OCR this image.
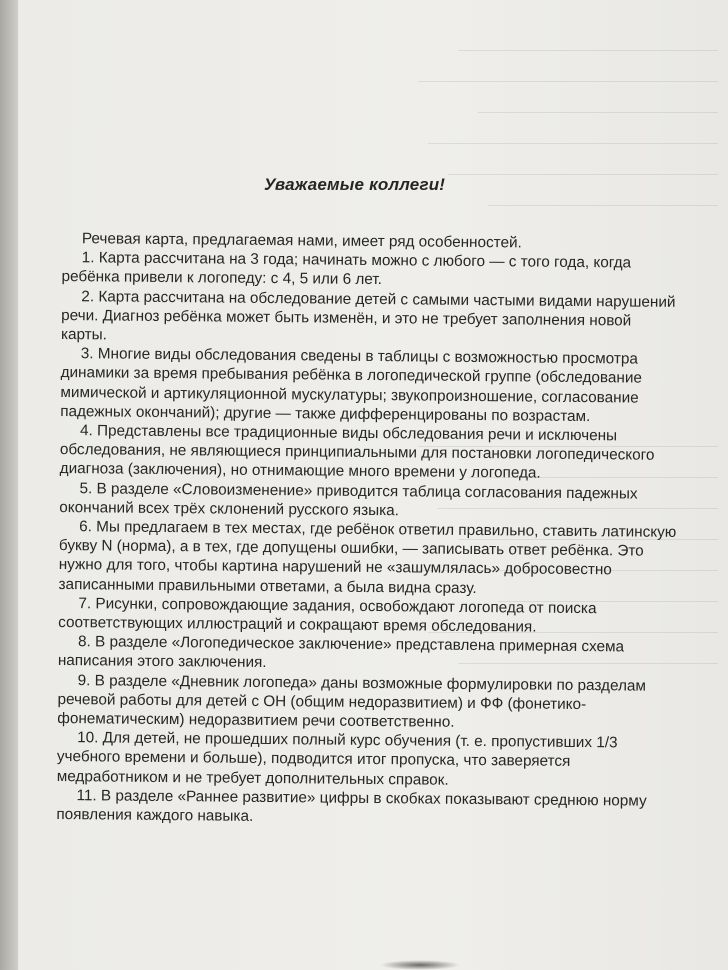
Уважаемые коллеги!

Речевая карта, предлагаемая нами, имеет ряд особенностей.

1. Карта рассчитана на 3 года; начинать можно с любого — с того года, когда ребёнка привели к логопеду: с 4, 5 или 6 лет.

2. Карта рассчитана на обследование детей с самыми частыми видами нарушений речи. Диагноз ребёнка может быть изменён, и это не требует заполнения новой карты.

3. Многие виды обследования сведены в таблицы с возможностью просмотра динамики за время пребывания ребёнка в логопедической группе (обследование мимической и артикуляционной мускулатуры; звукопроизношение, согласование падежных окончаний); другие — также дифференцированы по возрастам.

4. Представлены все традиционные виды обследования речи и исключены обследования, не являющиеся принципиальными для постановки логопедического диагноза (заключения), но отнимающие много времени у логопеда.

5. В разделе «Словоизменение» приводится таблица согласования падежных окончаний всех трёх склонений русского языка.

6. Мы предлагаем в тех местах, где ребёнок ответил правильно, ставить латинскую букву N (норма), а в тех, где допущены ошибки, — записывать ответ ребёнка. Это нужно для того, чтобы картина нарушений не «зашумлялась» добросовестно записанными правильными ответами, а была видна сразу.

7. Рисунки, сопровождающие задания, освобождают логопеда от поиска соответствующих иллюстраций и сокращают время обследования.

8. В разделе «Логопедическое заключение» представлена примерная схема написания этого заключения.

9. В разделе «Дневник логопеда» даны возможные формулировки по разделам речевой работы для детей с ОН (общим недоразвитием) и ФФ (фонетико-фонематическим) недоразвитием речи соответственно.

10. Для детей, не прошедших полный курс обучения (т. е. пропустивших 1/3 учебного времени и больше), подводится итог пропуска, что заверяется медработником и не требует дополнительных справок.

11. В разделе «Раннее развитие» цифры в скобках показывают среднюю норму появления каждого навыка.
